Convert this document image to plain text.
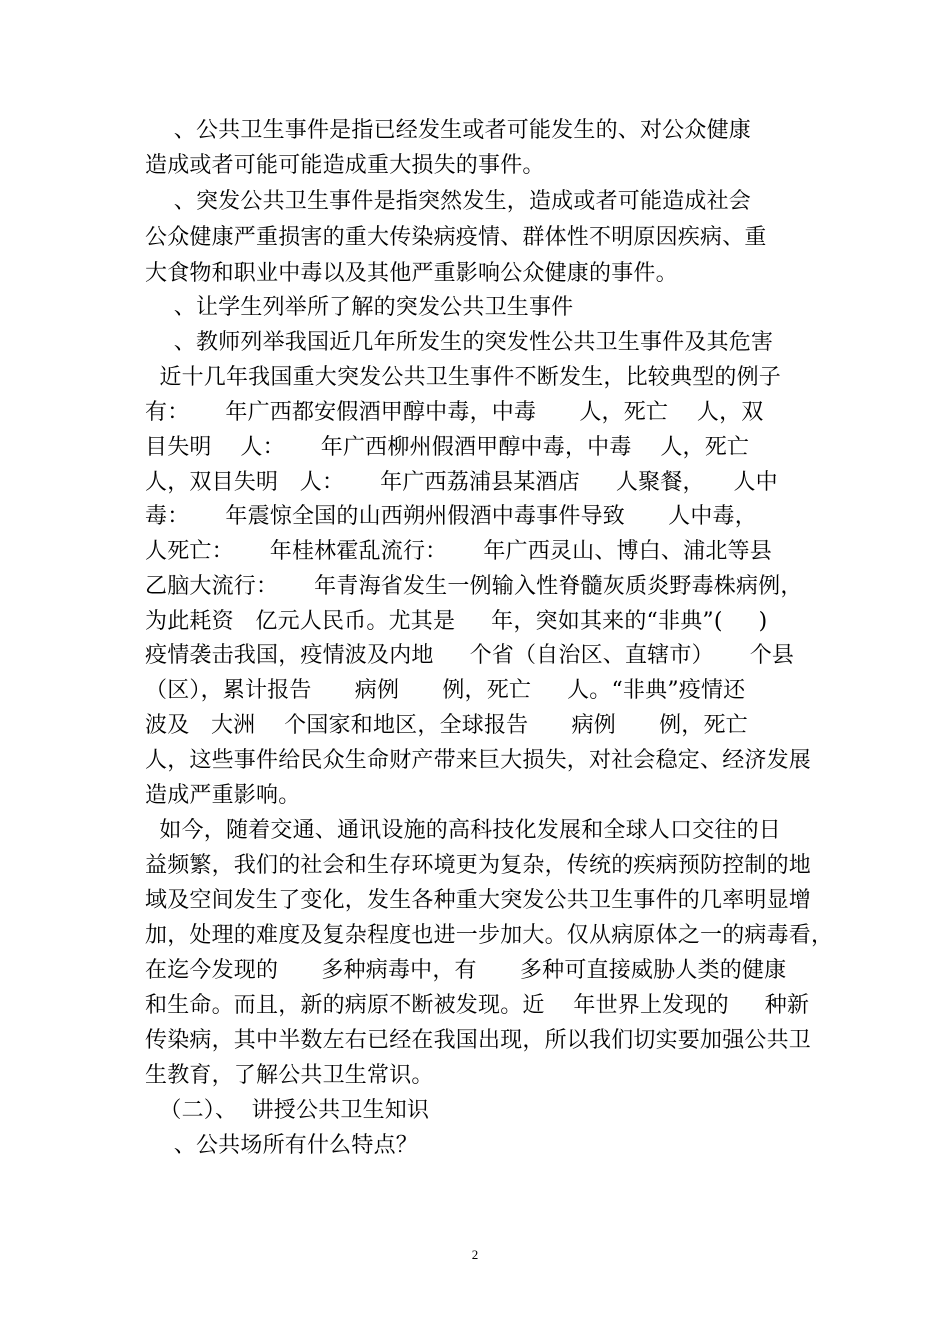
、公共卫生事件是指已经发生或者可能发生的、对公众健康

造成或者可能可能造成重大损失的事件。

、突发公共卫生事件是指突然发生，造成或者可能造成社会

公众健康严重损害的重大传染病疫情、群体性不明原因疾病、重

大食物和职业中毒以及其他严重影响公众健康的事件。

、让学生列举所了解的突发公共卫生事件

、教师列举我国近几年所发生的突发性公共卫生事件及其危害

近十几年我国重大突发公共卫生事件不断发生，比较典型的例子

有：     年广西都安假酒甲醇中毒，中毒      人，死亡    人，双

目失明    人：     年广西柳州假酒甲醇中毒，中毒    人，死亡

人，双目失明   人：     年广西荔浦县某酒店     人聚餐，    人中

毒：     年震惊全国的山西朔州假酒中毒事件导致      人中毒，

人死亡：     年桂林霍乱流行：     年广西灵山、博白、浦北等县

乙脑大流行：     年青海省发生一例输入性脊髓灰质炎野毒株病例，

为此耗资   亿元人民币。尤其是     年，突如其来的“非典”(     )

疫情袭击我国，疫情波及内地     个省（自治区、直辖市）     个县

（区），累计报告      病例      例，死亡     人。“非典”疫情还

波及   大洲    个国家和地区，全球报告      病例      例，死亡

人，这些事件给民众生命财产带来巨大损失，对社会稳定、经济发展

造成严重影响。

如今，随着交通、通讯设施的高科技化发展和全球人口交往的日

益频繁，我们的社会和生存环境更为复杂，传统的疾病预防控制的地

域及空间发生了变化，发生各种重大突发公共卫生事件的几率明显增

加，处理的难度及复杂程度也进一步加大。仅从病原体之一的病毒看，

在迄今发现的      多种病毒中，有      多种可直接威胁人类的健康

和生命。而且，新的病原不断被发现。近    年世界上发现的     种新

传染病，其中半数左右已经在我国出现，所以我们切实要加强公共卫

生教育，了解公共卫生常识。

（二）、  讲授公共卫生知识

、公共场所有什么特点？

2
